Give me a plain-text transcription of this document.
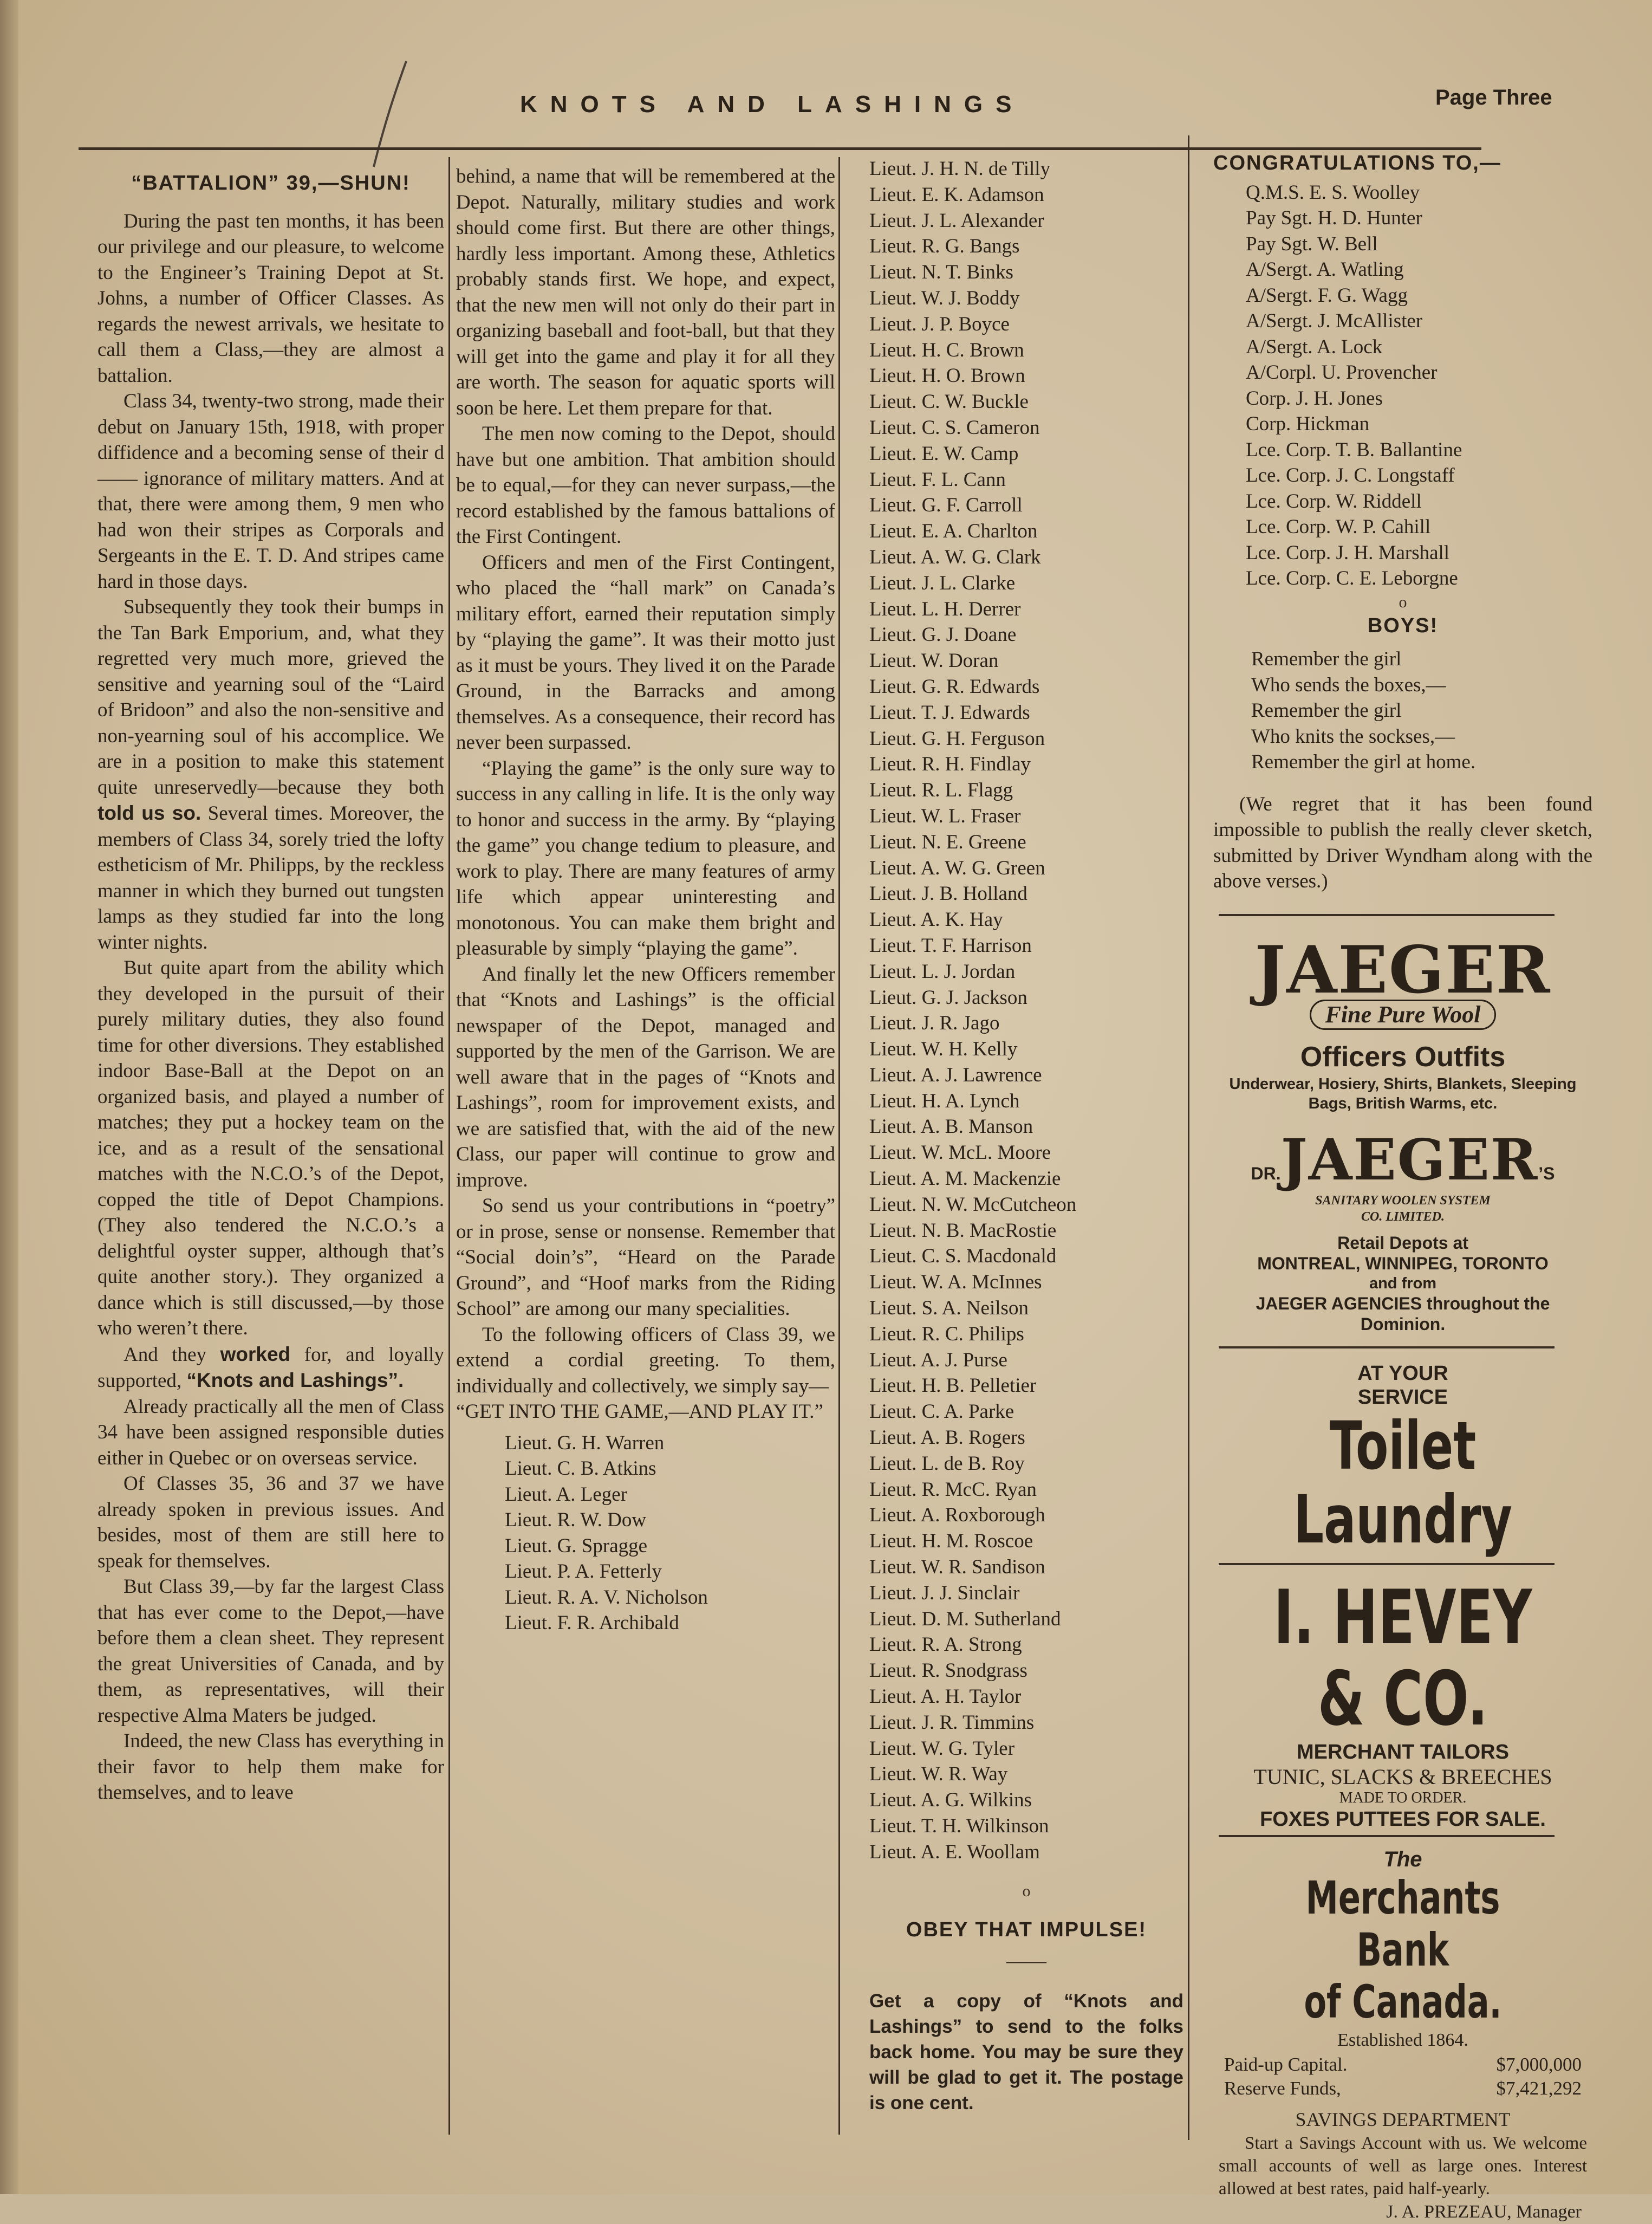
KNOTS AND LASHINGS	Page Three
“BATTALION” 39,—SHUN!

During the past ten months, it has been our privilege and our pleasure, to welcome to the Engineer’s Training Depot at St. Johns, a number of Officer Classes. As regards the newest arrivals, we hesitate to call them a Class,—they are almost a battalion.

Class 34, twenty-two strong, made their debut on January 15th, 1918, with proper diffidence and a becoming sense of their d—— ignorance of military matters. And at that, there were among them, 9 men who had won their stripes as Corporals and Sergeants in the E. T. D. And stripes came hard in those days.

Subsequently they took their bumps in the Tan Bark Emporium, and, what they regretted very much more, grieved the sensitive and yearning soul of the “Laird of Bridoon” and also the non-sensitive and non-yearning soul of his accomplice. We are in a position to make this statement quite unreservedly—because they both told us so. Several times. Moreover, the members of Class 34, sorely tried the lofty estheticism of Mr. Philipps, by the reckless manner in which they burned out tungsten lamps as they studied far into the long winter nights.

But quite apart from the ability which they developed in the pursuit of their purely military duties, they also found time for other diversions. They established indoor Base-Ball at the Depot on an organized basis, and played a number of matches; they put a hockey team on the ice, and as a result of the sensational matches with the N.C.O.’s of the Depot, copped the title of Depot Champions. (They also tendered the N.C.O.’s a delightful oyster supper, although that’s quite another story.). They organized a dance which is still discussed,—by those who weren’t there.

And they worked for, and loyally supported, “Knots and Lashings”.

Already practically all the men of Class 34 have been assigned responsible duties either in Quebec or on overseas service.

Of Classes 35, 36 and 37 we have already spoken in previous issues. And besides, most of them are still here to speak for themselves.

But Class 39,—by far the largest Class that has ever come to the Depot,—have before them a clean sheet. They represent the great Universities of Canada, and by them, as representatives, will their respective Alma Maters be judged.

Indeed, the new Class has everything in their favor to help them make for themselves, and to leave

behind, a name that will be remembered at the Depot. Naturally, military studies and work should come first. But there are other things, hardly less important. Among these, Athletics probably stands first. We hope, and expect, that the new men will not only do their part in organizing baseball and foot-ball, but that they will get into the game and play it for all they are worth. The season for aquatic sports will soon be here. Let them prepare for that.

The men now coming to the Depot, should have but one ambition. That ambition should be to equal,—for they can never surpass,—the record established by the famous battalions of the First Contingent.

Officers and men of the First Contingent, who placed the “hall mark” on Canada’s military effort, earned their reputation simply by “playing the game”. It was their motto just as it must be yours. They lived it on the Parade Ground, in the Barracks and among themselves. As a consequence, their record has never been surpassed.

“Playing the game” is the only sure way to success in any calling in life. It is the only way to honor and success in the army. By “playing the game” you change tedium to pleasure, and work to play. There are many features of army life which appear uninteresting and monotonous. You can make them bright and pleasurable by simply “playing the game”.

And finally let the new Officers remember that “Knots and Lashings” is the official newspaper of the Depot, managed and supported by the men of the Garrison. We are well aware that in the pages of “Knots and Lashings”, room for improvement exists, and we are satisfied that, with the aid of the new Class, our paper will continue to grow and improve.

So send us your contributions in “poetry” or in prose, sense or nonsense. Remember that “Social doin’s”, “Heard on the Parade Ground”, and “Hoof marks from the Riding School” are among our many specialities.

To the following officers of Class 39, we extend a cordial greeting. To them, individually and collectively, we simply say—

“GET INTO THE GAME,—AND PLAY IT.”

Lieut. G. H. Warren
Lieut. C. B. Atkins
Lieut. A. Leger
Lieut. R. W. Dow
Lieut. G. Spragge
Lieut. P. A. Fetterly
Lieut. R. A. V. Nicholson
Lieut. F. R. Archibald
Lieut. J. H. N. de Tilly
Lieut. E. K. Adamson
Lieut. J. L. Alexander
Lieut. R. G. Bangs
Lieut. N. T. Binks
Lieut. W. J. Boddy
Lieut. J. P. Boyce
Lieut. H. C. Brown
Lieut. H. O. Brown
Lieut. C. W. Buckle
Lieut. C. S. Cameron
Lieut. E. W. Camp
Lieut. F. L. Cann
Lieut. G. F. Carroll
Lieut. E. A. Charlton
Lieut. A. W. G. Clark
Lieut. J. L. Clarke
Lieut. L. H. Derrer
Lieut. G. J. Doane
Lieut. W. Doran
Lieut. G. R. Edwards
Lieut. T. J. Edwards
Lieut. G. H. Ferguson
Lieut. R. H. Findlay
Lieut. R. L. Flagg
Lieut. W. L. Fraser
Lieut. N. E. Greene
Lieut. A. W. G. Green
Lieut. J. B. Holland
Lieut. A. K. Hay
Lieut. T. F. Harrison
Lieut. L. J. Jordan
Lieut. G. J. Jackson
Lieut. J. R. Jago
Lieut. W. H. Kelly
Lieut. A. J. Lawrence
Lieut. H. A. Lynch
Lieut. A. B. Manson
Lieut. W. McL. Moore
Lieut. A. M. Mackenzie
Lieut. N. W. McCutcheon
Lieut. N. B. MacRostie
Lieut. C. S. Macdonald
Lieut. W. A. McInnes
Lieut. S. A. Neilson
Lieut. R. C. Philips
Lieut. A. J. Purse
Lieut. H. B. Pelletier
Lieut. C. A. Parke
Lieut. A. B. Rogers
Lieut. L. de B. Roy
Lieut. R. McC. Ryan
Lieut. A. Roxborough
Lieut. H. M. Roscoe
Lieut. W. R. Sandison
Lieut. J. J. Sinclair
Lieut. D. M. Sutherland
Lieut. R. A. Strong
Lieut. R. Snodgrass
Lieut. A. H. Taylor
Lieut. J. R. Timmins
Lieut. W. G. Tyler
Lieut. W. R. Way
Lieut. A. G. Wilkins
Lieut. T. H. Wilkinson
Lieut. A. E. Woollam
o
OBEY THAT IMPULSE!
——

Get a copy of “Knots and Lashings” to send to the folks back home. You may be sure they will be glad to get it. The postage is one cent.

CONGRATULATIONS TO,—
Q.M.S. E. S. Woolley
Pay Sgt. H. D. Hunter
Pay Sgt. W. Bell
A/Sergt. A. Watling
A/Sergt. F. G. Wagg
A/Sergt. J. McAllister
A/Sergt. A. Lock
A/Corpl. U. Provencher
Corp. J. H. Jones
Corp. Hickman
Lce. Corp. T. B. Ballantine
Lce. Corp. J. C. Longstaff
Lce. Corp. W. Riddell
Lce. Corp. W. P. Cahill
Lce. Corp. J. H. Marshall
Lce. Corp. C. E. Leborgne
o
BOYS!
Remember the girl
Who sends the boxes,—
Remember the girl
Who knits the sockses,—
Remember the girl at home.

(We regret that it has been found impossible to publish the really clever sketch, submitted by Driver Wyndham along with the above verses.)

JAEGER
Fine Pure Wool
Officers Outfits
Underwear, Hosiery, Shirts, Blankets, Sleeping Bags, British Warms, etc.
DR.JAEGER’S
SANITARY WOOLEN SYSTEM
CO. LIMITED.
Retail Depots at
MONTREAL, WINNIPEG, TORONTO
and from
JAEGER AGENCIES throughout the Dominion.
AT YOUR
SERVICE
Toilet Laundry
I. HEVEY & CO.
MERCHANT TAILORS
TUNIC, SLACKS & BREECHES
MADE TO ORDER.
FOXES PUTTEES FOR SALE.
The
Merchants Bank
of Canada.
Established 1864.
Paid-up Capital.	$7,000,000
Reserve Funds,	$7,421,292
SAVINGS DEPARTMENT

Start a Savings Account with us. We welcome small accounts of well as large ones. Interest allowed at best rates, paid half-yearly.

J. A. PREZEAU, Manager
